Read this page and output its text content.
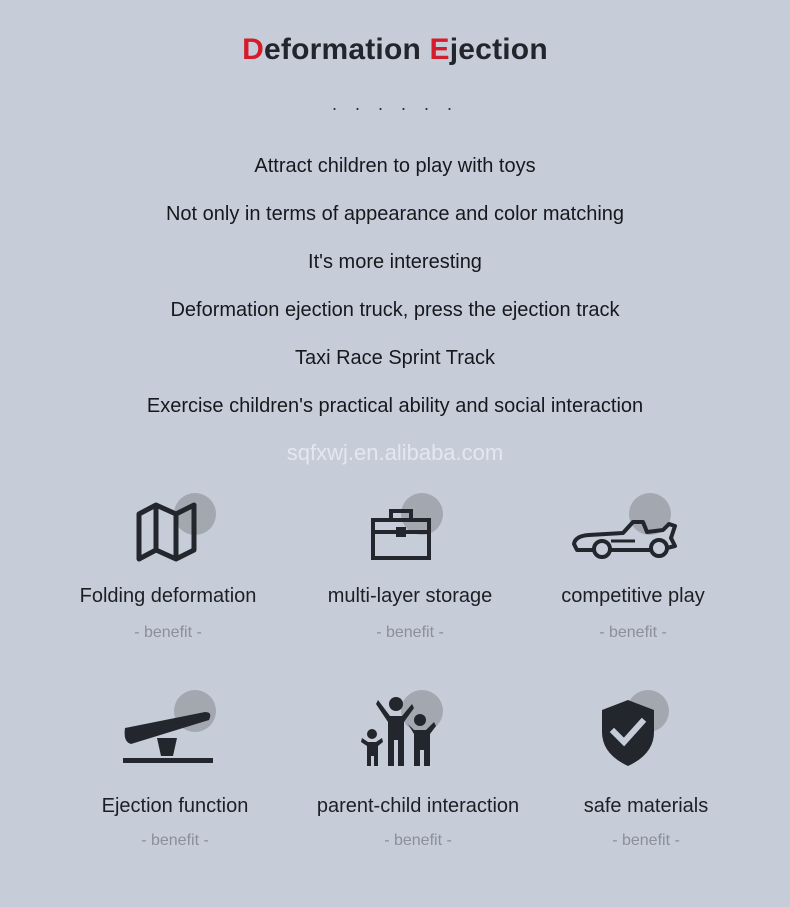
Deformation Ejection
· · · · · ·
Attract children to play with toys
Not only in terms of appearance and color matching
It's more interesting
Deformation ejection truck, press the ejection track
Taxi Race Sprint Track
Exercise children's practical ability and social interaction
sqfxwj.en.alibaba.com
Folding deformation
- benefit -
multi-layer storage
- benefit -
competitive play
- benefit -
Ejection function
- benefit -
parent-child interaction
- benefit -
safe materials
- benefit -
